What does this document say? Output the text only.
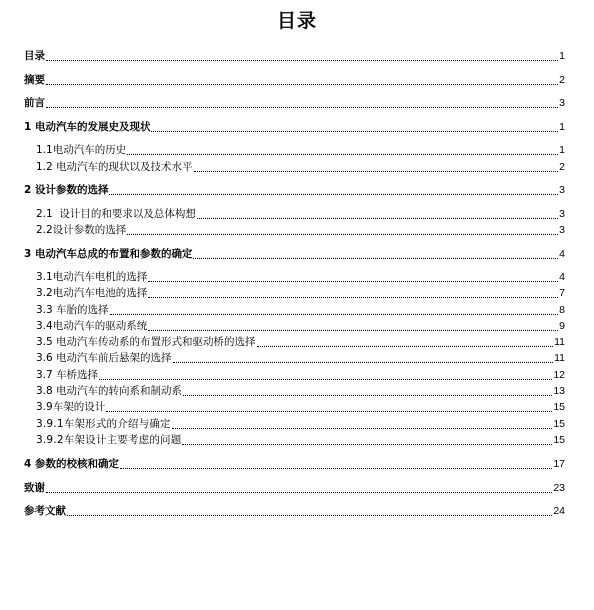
目录
目录	1
摘要	2
前言	3
1 电动汽车的发展史及现状	1
1.1电动汽车的历史	1
1.2 电动汽车的现状以及技术水平	2
2 设计参数的选择	3
2.1  设计目的和要求以及总体构想	3
2.2设计参数的选择	3
3 电动汽车总成的布置和参数的确定	4
3.1电动汽车电机的选择	4
3.2电动汽车电池的选择	7
3.3 车胎的选择	8
3.4电动汽车的驱动系统	9
3.5 电动汽车传动系的布置形式和驱动桥的选择	11
3.6 电动汽车前后悬架的选择	11
3.7 车桥选择	12
3.8 电动汽车的转向系和制动系	13
3.9车架的设计	15
3.9.1车架形式的介绍与确定	15
3.9.2车架设计主要考虑的问题	15
4 参数的校核和确定	17
致谢	23
参考文献	24
